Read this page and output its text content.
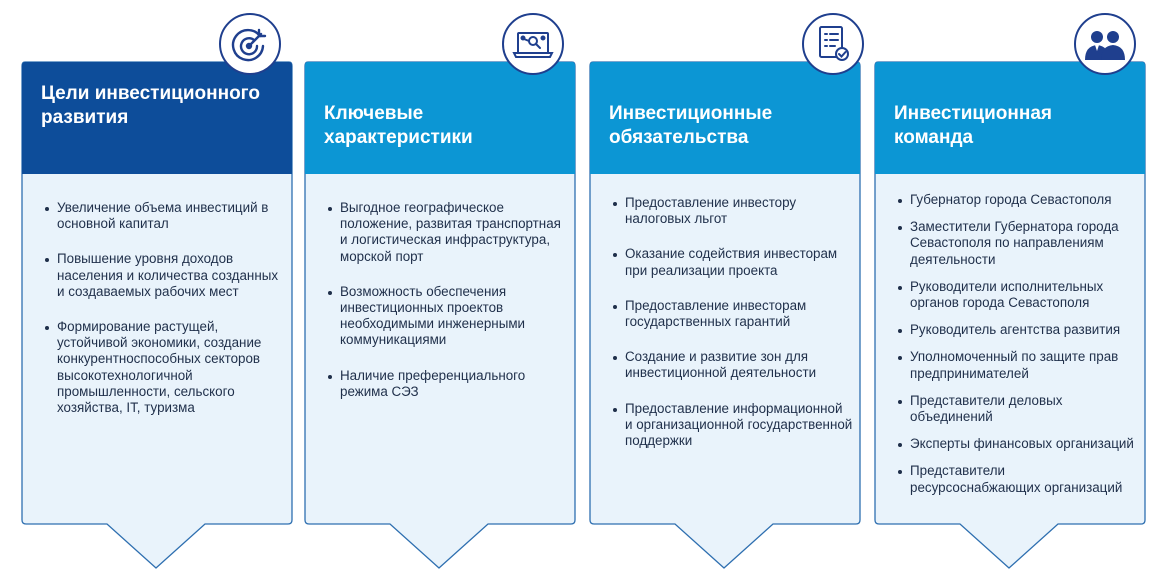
Цели инвестиционного развития
Увеличение объема инвестиций в основной капитал
Повышение уровня доходов населения и количества созданных и создаваемых рабочих мест
Формирование растущей, устойчивой экономики, создание конкурентноспособных секторов высокотехнологичной промышленности, сельского хозяйства, IT, туризма
Ключевые характеристики
Выгодное географическое положение, развитая транспортная и логистическая инфраструктура, морской порт
Возможность обеспечения инвестиционных проектов необходимыми инженерными коммуникациями
Наличие преференциального режима СЭЗ
Инвестиционные обязательства
Предоставление инвестору налоговых льгот
Оказание содействия инвесторам при реализации проекта
Предоставление инвесторам государственных гарантий
Создание и развитие зон для инвестиционной деятельности
Предоставление информационной и организационной государственной поддержки
Инвестиционная команда
Губернатор города Севастополя
Заместители Губернатора города Севастополя по направлениям деятельности
Руководители исполнительных органов города Севастополя
Руководитель агентства развития
Уполномоченный по защите прав предпринимателей
Представители деловых объединений
Эксперты финансовых организаций
Представители ресурсоснабжающих организаций
